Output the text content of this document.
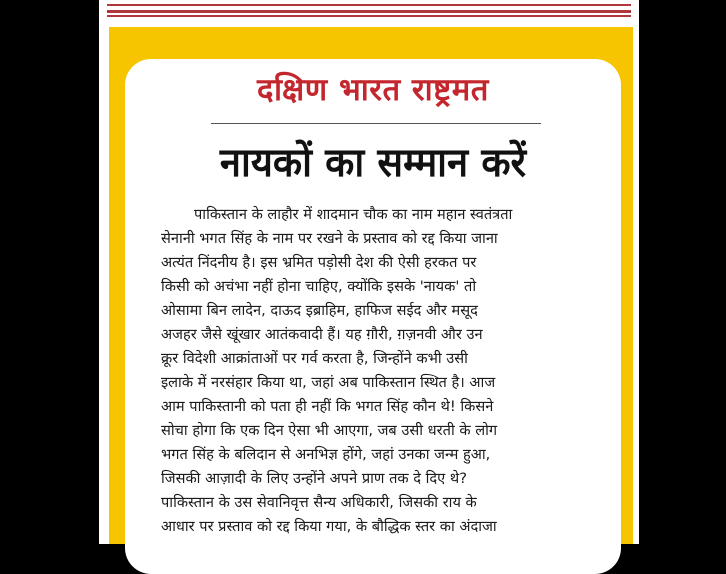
दक्षिण भारत राष्ट्रमत
नायकों का सम्मान करें
पाकिस्तान के लाहौर में शादमान चौक का नाम महान स्वतंत्रता
सेनानी भगत सिंह के नाम पर रखने के प्रस्ताव को रद्द किया जाना
अत्यंत निंदनीय है। इस भ्रमित पड़ोसी देश की ऐसी हरकत पर
किसी को अचंभा नहीं होना चाहिए, क्योंकि इसके 'नायक' तो
ओसामा बिन लादेन, दाऊद इब्राहिम, हाफिज सईद और मसूद
अजहर जैसे खूंखार आतंकवादी हैं। यह ग़ौरी, ग़ज़नवी और उन
क्रूर विदेशी आक्रांताओं पर गर्व करता है, जिन्होंने कभी उसी
इलाके में नरसंहार किया था, जहां अब पाकिस्तान स्थित है। आज
आम पाकिस्तानी को पता ही नहीं कि भगत सिंह कौन थे! किसने
सोचा होगा कि एक दिन ऐसा भी आएगा, जब उसी धरती के लोग
भगत सिंह के बलिदान से अनभिज्ञ होंगे, जहां उनका जन्म हुआ,
जिसकी आज़ादी के लिए उन्होंने अपने प्राण तक दे दिए थे?
पाकिस्तान के उस सेवानिवृत्त सैन्य अधिकारी, जिसकी राय के
आधार पर प्रस्ताव को रद्द किया गया, के बौद्धिक स्तर का अंदाजा
